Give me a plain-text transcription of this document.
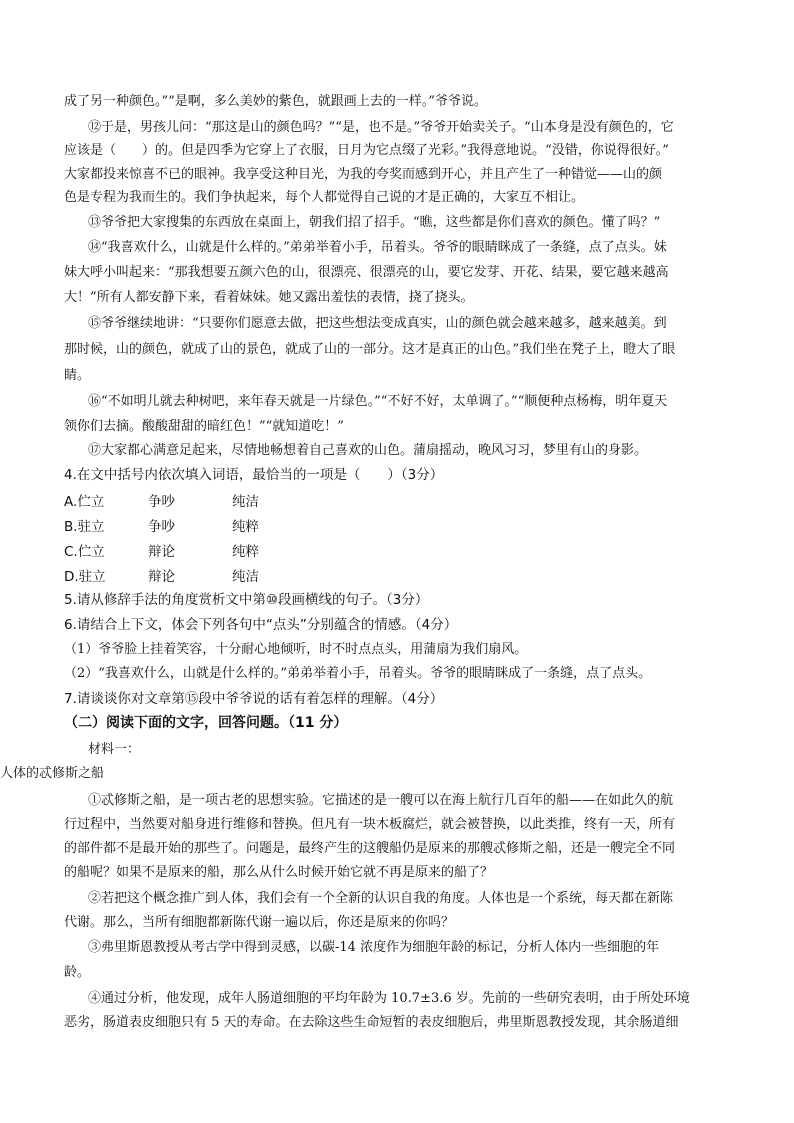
成了另一种颜色。”“是啊，多么美妙的紫色，就跟画上去的一样。”爷爷说。
⑫于是，男孩儿问：“那这是山的颜色吗？”“是，也不是。”爷爷开始卖关子。“山本身是没有颜色的，它
应该是（　　）的。但是四季为它穿上了衣服，日月为它点缀了光彩。”我得意地说。“没错，你说得很好。”
大家都投来惊喜不已的眼神。我享受这种目光，为我的夸奖而感到开心，并且产生了一种错觉——山的颜
色是专程为我而生的。我们争执起来，每个人都觉得自己说的才是正确的，大家互不相让。
⑬爷爷把大家搜集的东西放在桌面上，朝我们招了招手。“瞧，这些都是你们喜欢的颜色。懂了吗？”
⑭“我喜欢什么，山就是什么样的。”弟弟举着小手，吊着头。爷爷的眼睛眯成了一条缝，点了点头。妹
妹大呼小叫起来：“那我想要五颜六色的山，很漂亮、很漂亮的山，要它发芽、开花、结果，要它越来越高
大！”所有人都安静下来，看着妹妹。她又露出羞怯的表情，挠了挠头。
⑮爷爷继续地讲：“只要你们愿意去做，把这些想法变成真实，山的颜色就会越来越多，越来越美。到
那时候，山的颜色，就成了山的景色，就成了山的一部分。这才是真正的山色。”我们坐在凳子上，瞪大了眼
睛。
⑯“不如明儿就去种树吧，来年春天就是一片绿色。”“不好不好，太单调了。”“顺便种点杨梅，明年夏天
领你们去摘。酸酸甜甜的暗红色！”“就知道吃！”
⑰大家都心满意足起来，尽情地畅想着自己喜欢的山色。蒲扇摇动，晚风习习，梦里有山的身影。
4.在文中括号内依次填入词语，最恰当的一项是（　　）（3分）
A.伫立	争吵	纯洁
B.驻立	争吵	纯粹
C.伫立	辩论	纯粹
D.驻立	辩论	纯洁
5.请从修辞手法的角度赏析文中第⑩段画横线的句子。（3分）
6.请结合上下文，体会下列各句中“点头”分别蕴含的情感。（4分）
（1）爷爷脸上挂着笑容，十分耐心地倾听，时不时点点头，用蒲扇为我们扇风。
（2）“我喜欢什么，山就是什么样的。”弟弟举着小手，吊着头。爷爷的眼睛眯成了一条缝，点了点头。
7.请谈谈你对文章第⑮段中爷爷说的话有着怎样的理解。（4分）
（二）阅读下面的文字，回答问题。（11 分）
材料一：
人体的忒修斯之船
①忒修斯之船，是一项古老的思想实验。它描述的是一艘可以在海上航行几百年的船——在如此久的航
行过程中，当然要对船身进行维修和替换。但凡有一块木板腐烂，就会被替换，以此类推，终有一天，所有
的部件都不是最开始的那些了。问题是，最终产生的这艘船仍是原来的那艘忒修斯之船，还是一艘完全不同
的船呢？如果不是原来的船，那么从什么时候开始它就不再是原来的船了？
②若把这个概念推广到人体，我们会有一个全新的认识自我的角度。人体也是一个系统，每天都在新陈
代谢。那么，当所有细胞都新陈代谢一遍以后，你还是原来的你吗？
③弗里斯恩教授从考古学中得到灵感，以碳-14 浓度作为细胞年龄的标记，分析人体内一些细胞的年
龄。
④通过分析，他发现，成年人肠道细胞的平均年龄为 10.7±3.6 岁。先前的一些研究表明，由于所处环境
恶劣，肠道表皮细胞只有 5 天的寿命。在去除这些生命短暂的表皮细胞后，弗里斯恩教授发现，其余肠道细
